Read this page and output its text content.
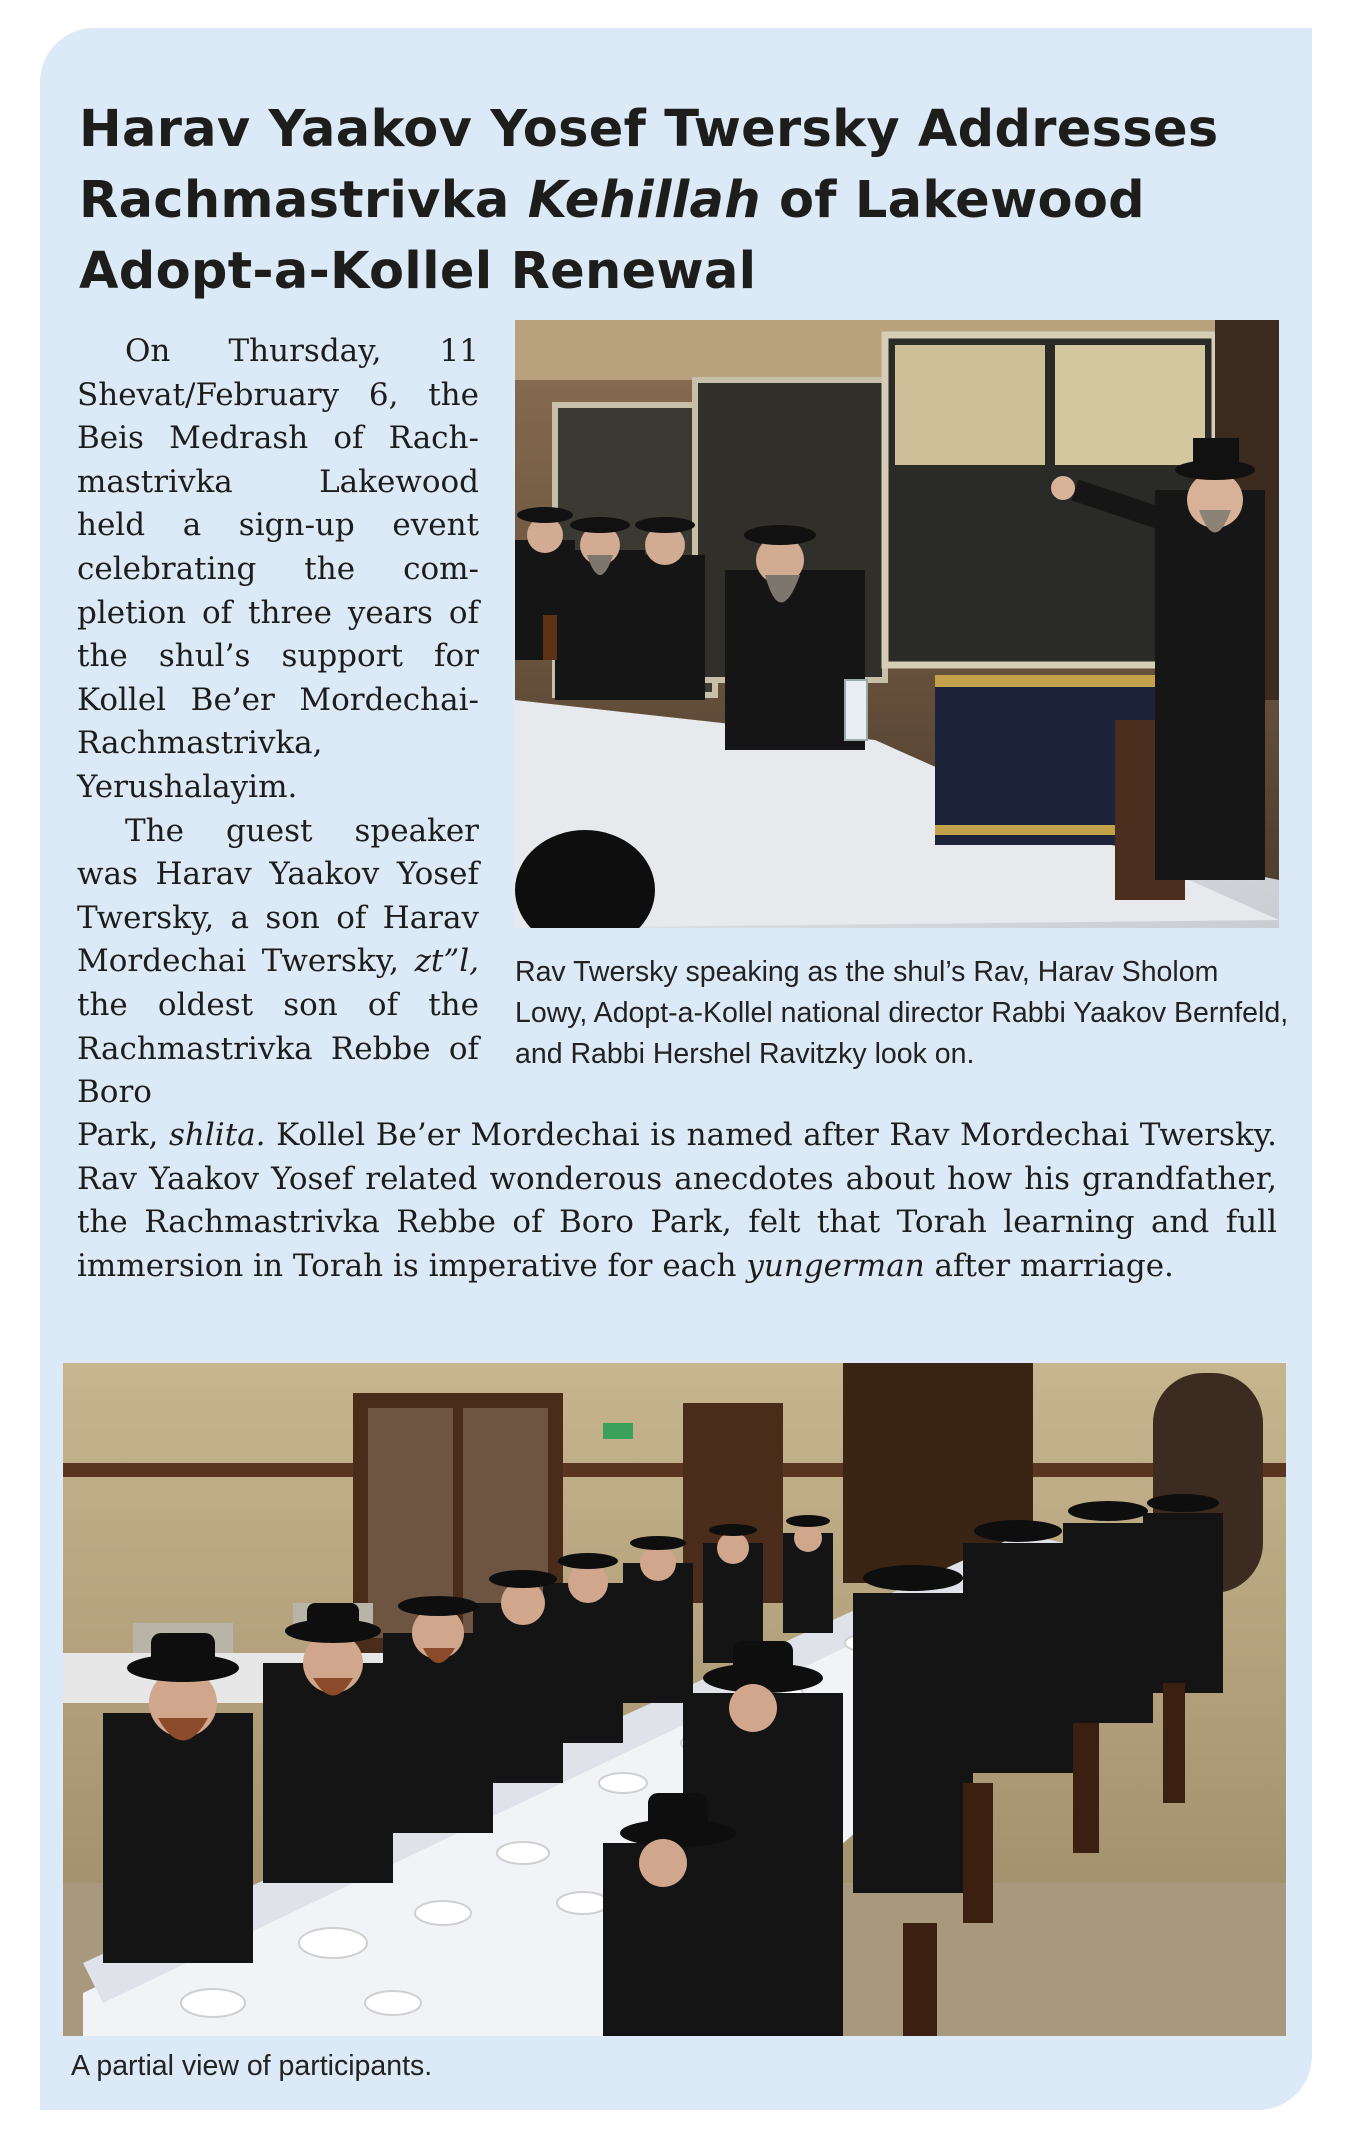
Harav Yaakov Yosef Twersky Addresses Rachmastrivka Kehillah of Lakewood Adopt-a-Kollel Renewal

On Thursday, 11 Shevat/February 6, the Beis Medrash of Rachmastrivka Lakewood held a sign-up event celebrating the completion of three years of the shul’s support for Kollel Be’er Mordechai-Rachmastrivka, Yerushalayim.

The guest speaker was Harav Yaakov Yosef Twersky, a son of Harav Mordechai Twersky, zt”l, the oldest son of the Rachmastrivka Rebbe of Boro

Park, shlita. Kollel Be’er Mordechai is named after Rav Mordechai Twersky. Rav Yaakov Yosef related wonderous anecdotes about how his grandfather, the Rachmastrivka Rebbe of Boro Park, felt that Torah learning and full immersion in Torah is imperative for each yungerman after marriage.

Rav Twersky speaking as the shul’s Rav, Harav Sholom Lowy, Adopt-a-Kollel national director Rabbi Yaakov Bernfeld, and Rabbi Hershel Ravitzky look on.

A partial view of participants.
